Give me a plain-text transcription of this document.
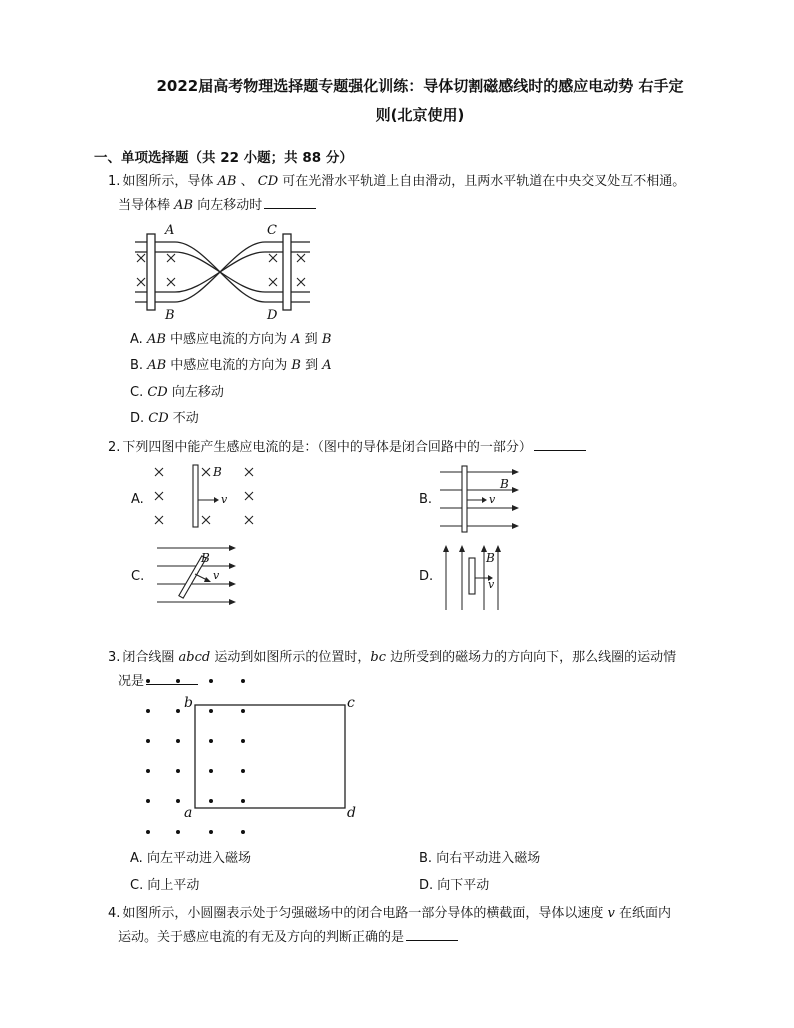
2022届高考物理选择题专题强化训练：导体切割磁感线时的感应电动势 右手定
则(北京使用)
一、单项选择题（共 22 小题；共 88 分）
1. 如图所示，导体 AB 、 CD 可在光滑水平轨道上自由滑动，且两水平轨道在中央交叉处互不相通。
当导体棒 AB 向左移动时
A
B
C
D
A. AB 中感应电流的方向为 A 到 B
B. AB 中感应电流的方向为 B 到 A
C. CD 向左移动
D. CD 不动
2. 下列四图中能产生感应电流的是：（图中的导体是闭合回路中的一部分）
A.
B
v	B.
B
v
C.
B
v	D.
B
v
3. 闭合线圈 abcd 运动到如图所示的位置时，bc 边所受到的磁场力的方向向下，那么线圈的运动情
况是
b	c
a	d
A. 向左平动进入磁场	B. 向右平动进入磁场
C. 向上平动	D. 向下平动
4. 如图所示，小圆圈表示处于匀强磁场中的闭合电路一部分导体的横截面，导体以速度 v 在纸面内
运动。关于感应电流的有无及方向的判断正确的是
